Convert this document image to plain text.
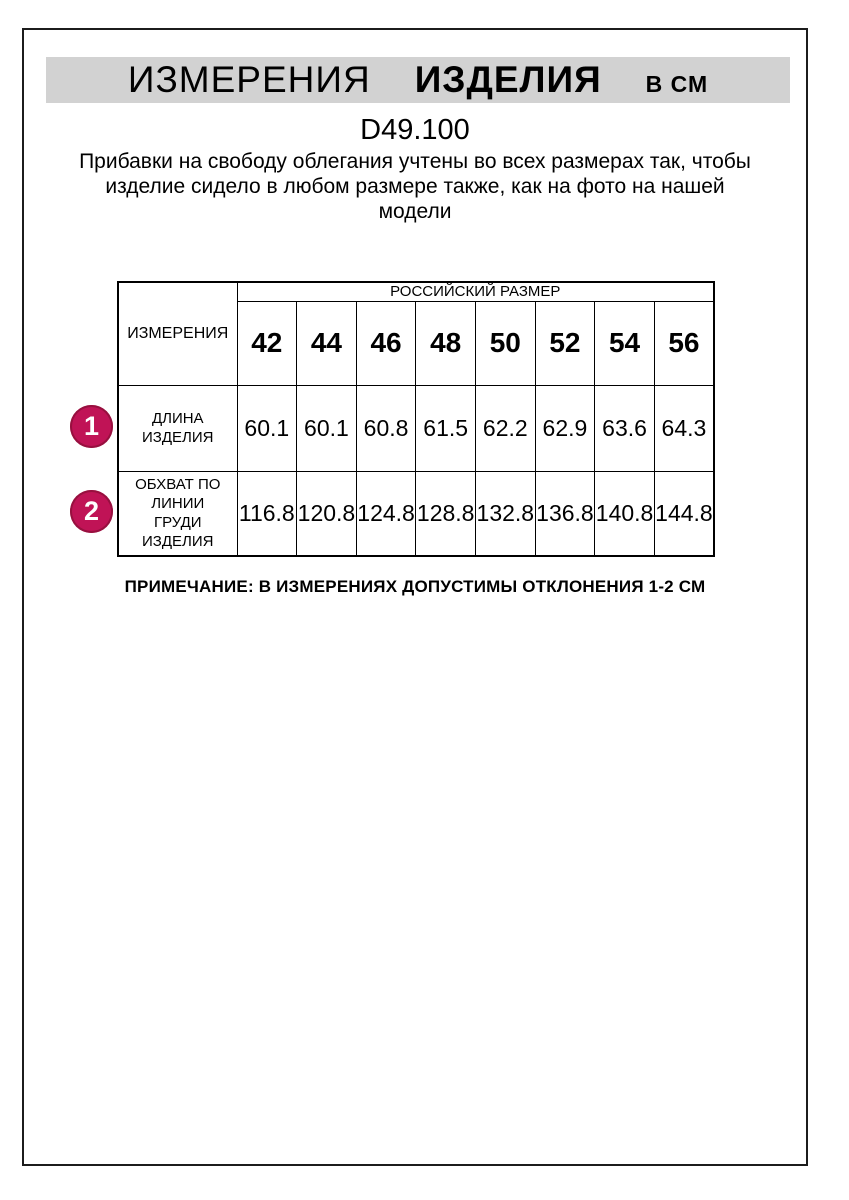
ИЗМЕРЕНИЯ ИЗДЕЛИЯ В СМ
D49.100
Прибавки на свободу облегания учтены во всех размерах так, чтобы
изделие сидело в любом размере также, как на фото на нашей
модели
1
2
ИЗМЕРЕНИЯ	РОССИЙСКИЙ РАЗМЕР							
	42	44	46	48	50	52	54	56
ДЛИНА ИЗДЕЛИЯ	60.1	60.1	60.8	61.5	62.2	62.9	63.6	64.3
ОБХВАТ ПО ЛИНИИ ГРУДИ ИЗДЕЛИЯ	116.8	120.8	124.8	128.8	132.8	136.8	140.8	144.8
ПРИМЕЧАНИЕ: В ИЗМЕРЕНИЯХ ДОПУСТИМЫ ОТКЛОНЕНИЯ 1-2 СМ
